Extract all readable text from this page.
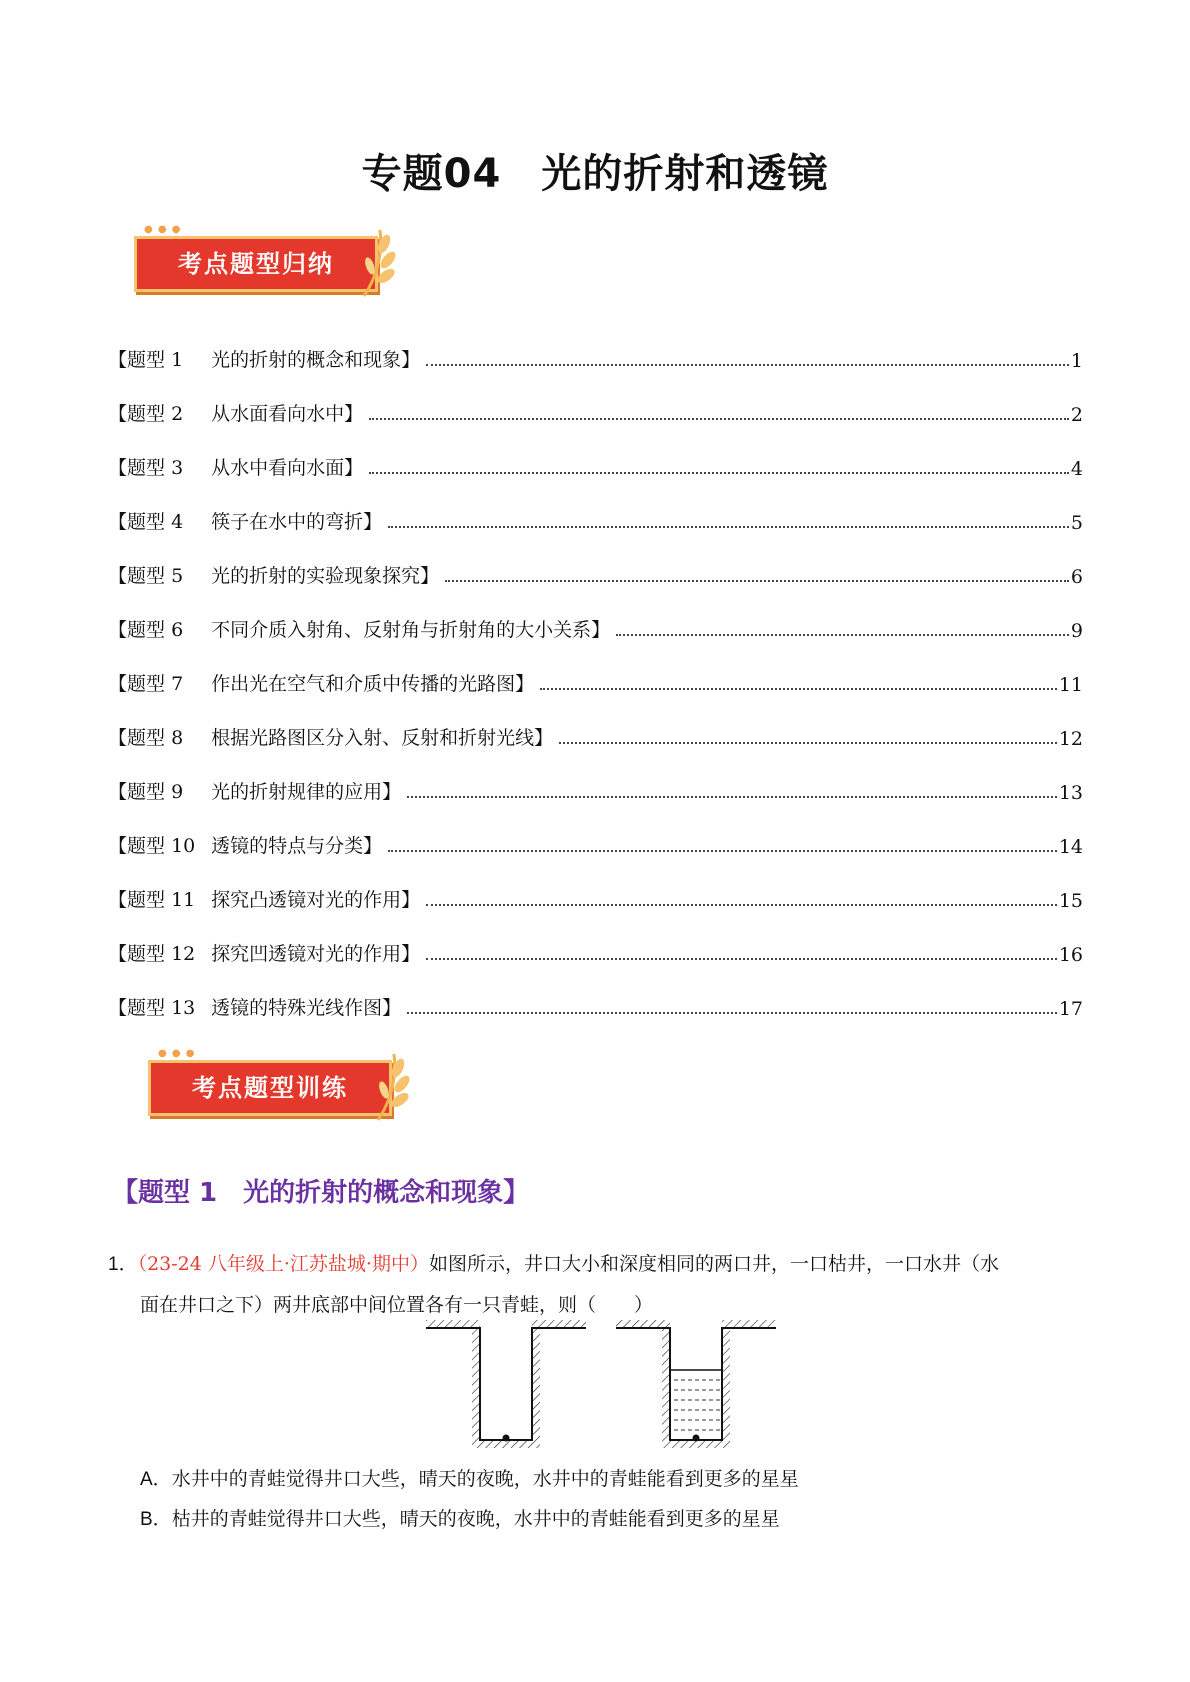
专题04 光的折射和透镜
● ● ●
考点题型归纳
【题型 1 光的折射的概念和现象】	1
【题型 2 从水面看向水中】	2
【题型 3 从水中看向水面】	4
【题型 4 筷子在水中的弯折】	5
【题型 5 光的折射的实验现象探究】	6
【题型 6 不同介质入射角、反射角与折射角的大小关系】	9
【题型 7 作出光在空气和介质中传播的光路图】	11
【题型 8 根据光路图区分入射、反射和折射光线】	12
【题型 9 光的折射规律的应用】	13
【题型 10 透镜的特点与分类】	14
【题型 11 探究凸透镜对光的作用】	15
【题型 12 探究凹透镜对光的作用】	16
【题型 13 透镜的特殊光线作图】	17
● ● ●
考点题型训练
【题型 1　光的折射的概念和现象】
1．（23-24 八年级上·江苏盐城·期中）如图所示，井口大小和深度相同的两口井，一口枯井，一口水井（水
面在井口之下）两井底部中间位置各有一只青蛙，则（　　）
A．水井中的青蛙觉得井口大些，晴天的夜晚，水井中的青蛙能看到更多的星星
B．枯井的青蛙觉得井口大些，晴天的夜晚，水井中的青蛙能看到更多的星星
